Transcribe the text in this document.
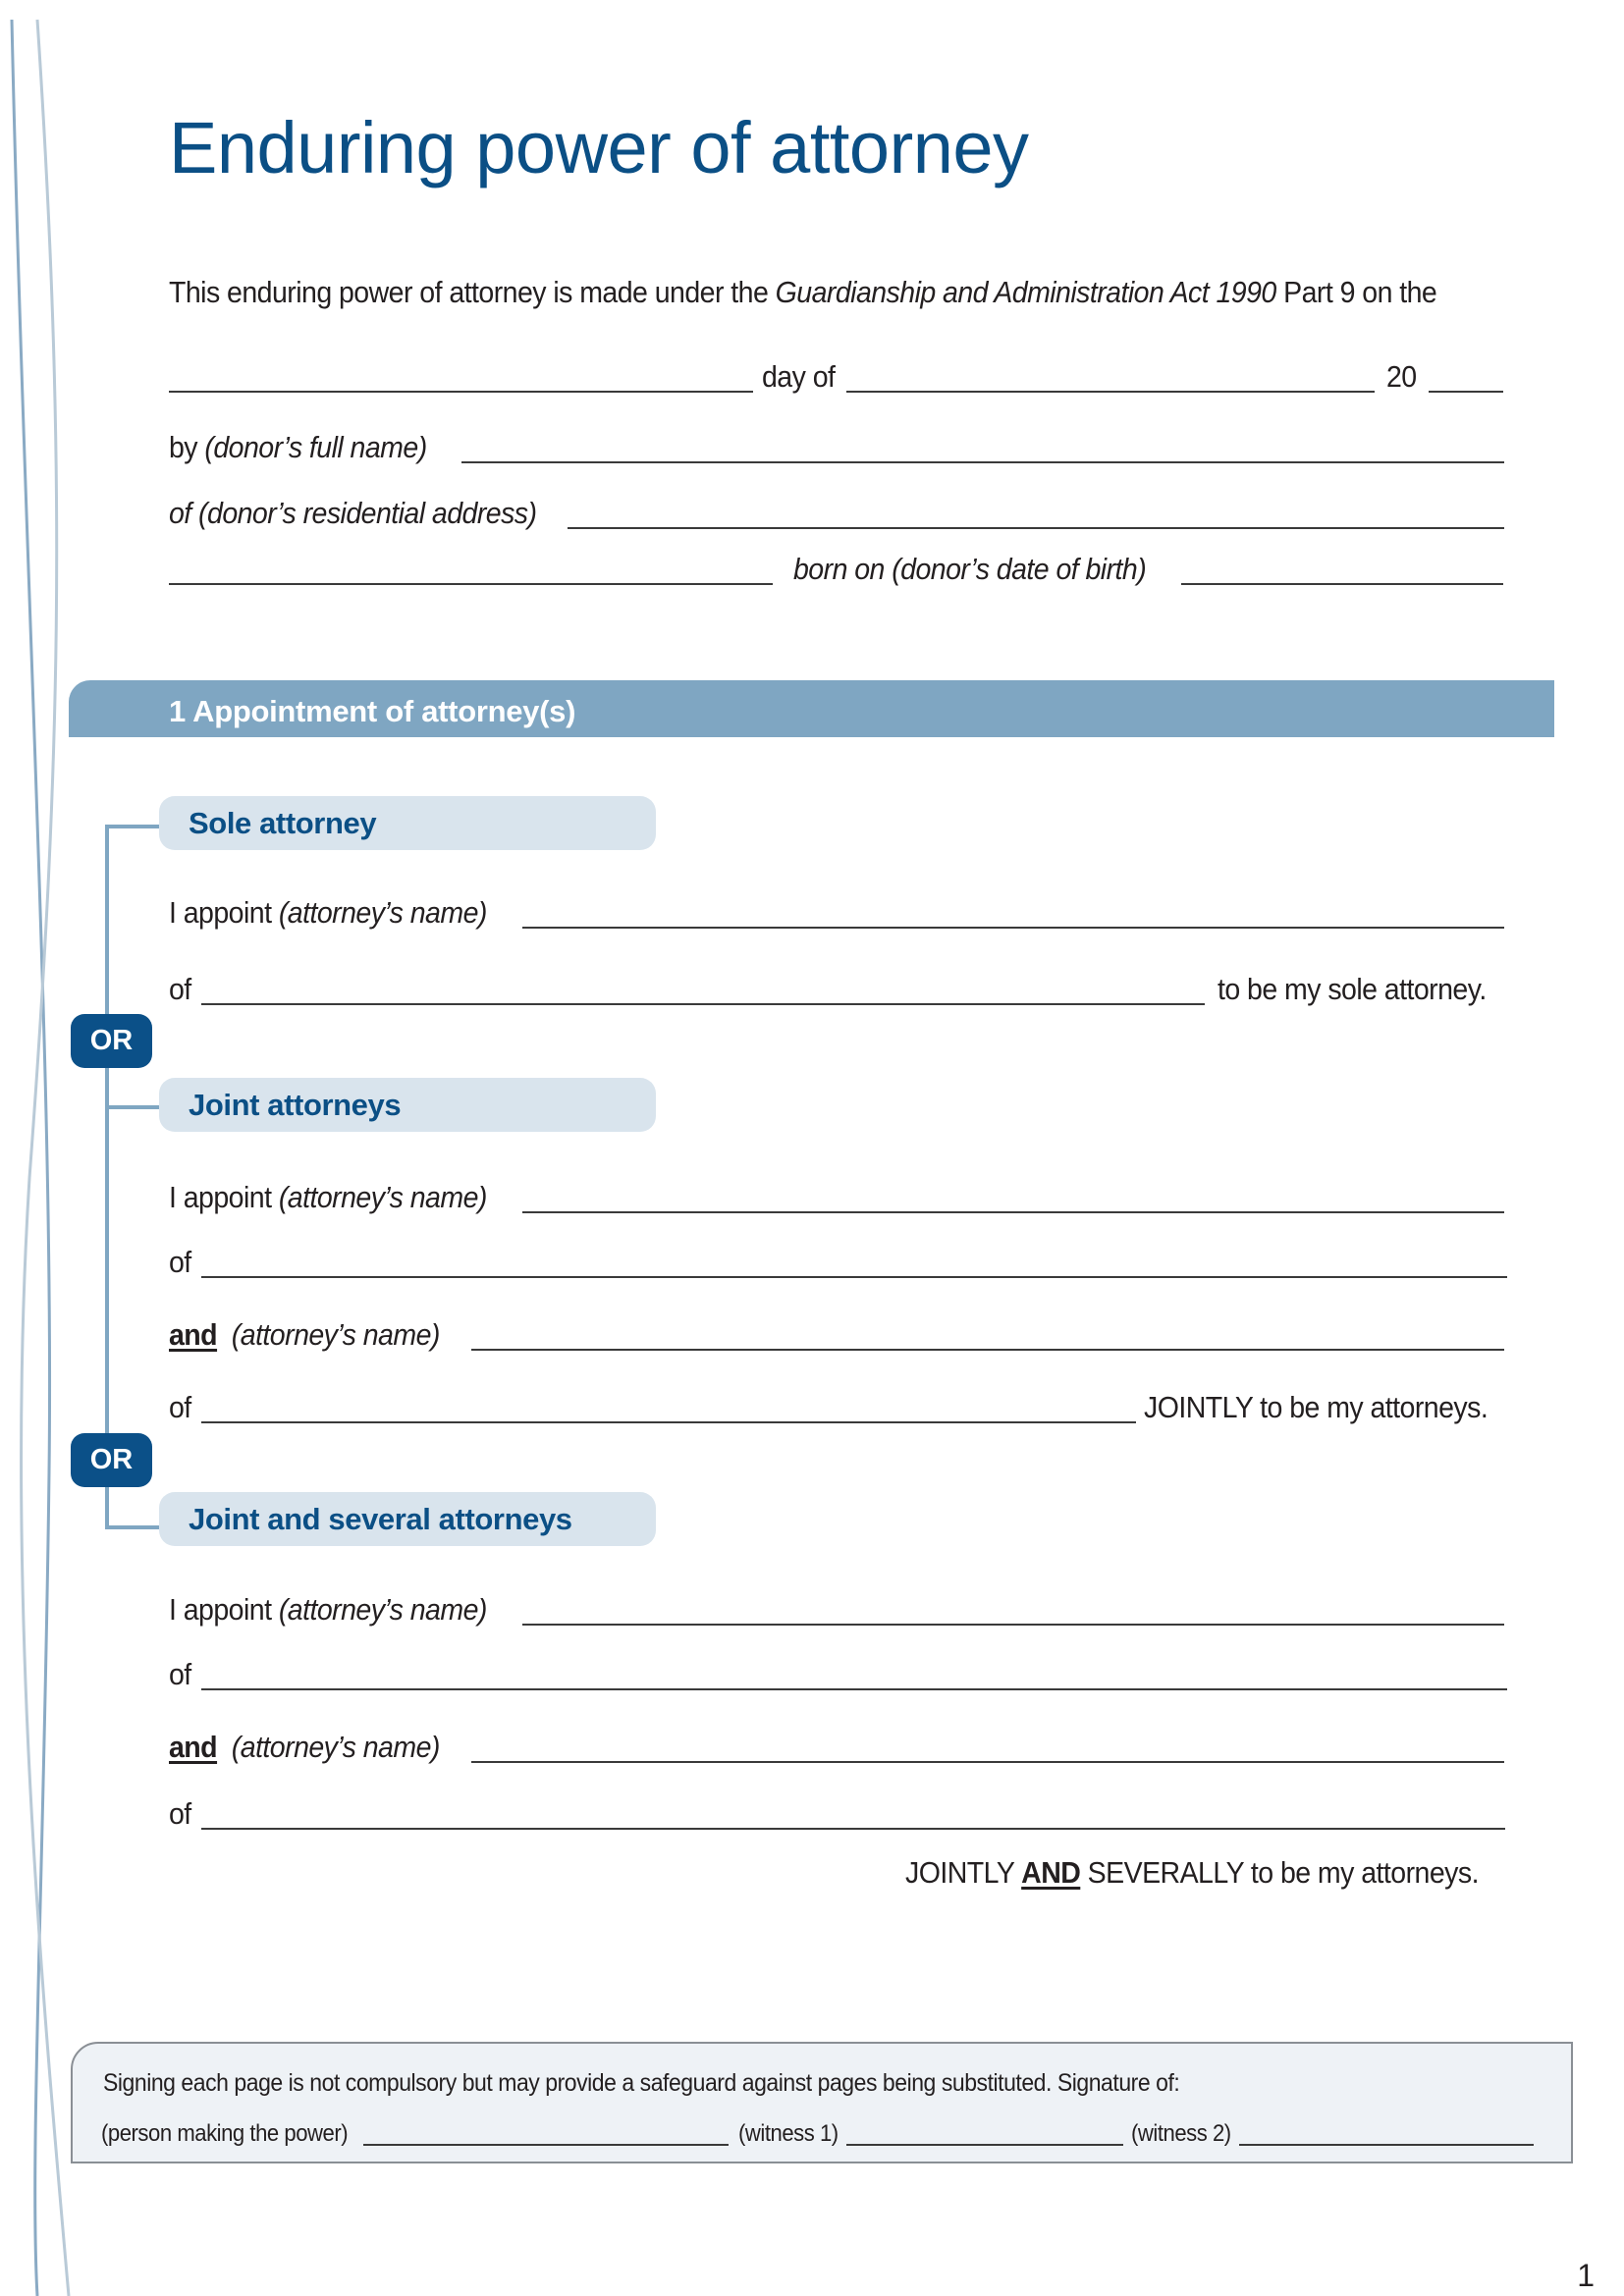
Enduring power of attorney
This enduring power of attorney is made under the Guardianship and Administration Act 1990 Part 9 on the
day of	20
by (donor’s full name)
of (donor’s residential address)
born on (donor’s date of birth)
1 Appointment of attorney(s)
Sole attorney
I appoint (attorney’s name)
of	to be my sole attorney.
OR
Joint attorneys
I appoint (attorney’s name)
of
and (attorney’s name)
of	JOINTLY to be my attorneys.
OR
Joint and several attorneys
I appoint (attorney’s name)
of
and (attorney’s name)
of
JOINTLY AND SEVERALLY to be my attorneys.
Signing each page is not compulsory but may provide a safeguard against pages being substituted. Signature of:
(person making the power)	(witness 1)	(witness 2)
1
